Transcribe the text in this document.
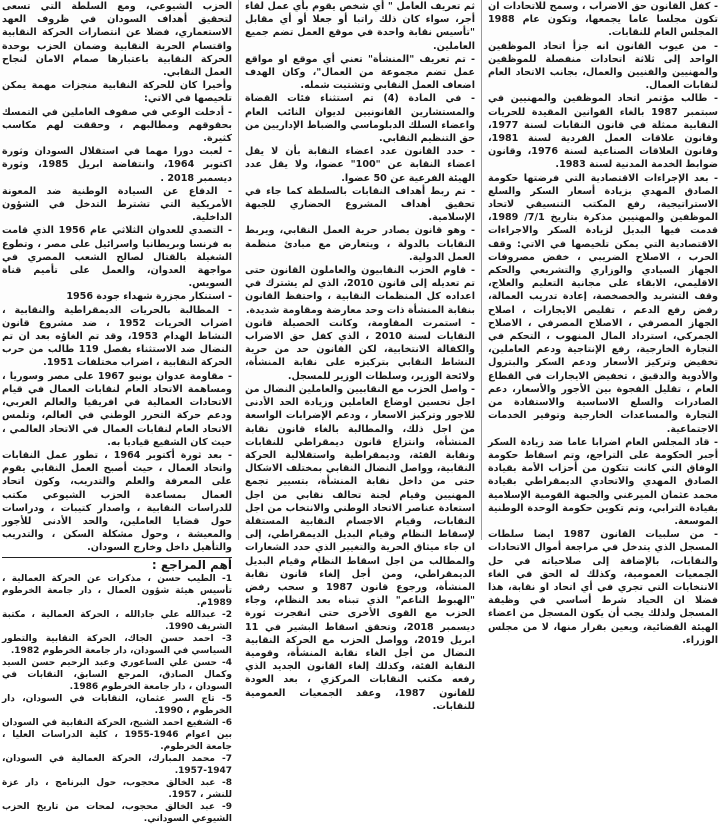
- كفل القانون حق الاضراب ، وسمح للاتحادات ان تكون مجلسا عاما يجمعها، وتكون عام 1988 المجلس العام للنقابات.

- من عيوب القانون انه جزأ اتحاد الموظفين الواحد إلى ثلاثة اتحادات منفصلة للموظفين والمهنيين والفنيين والعمال، بجانب الاتحاد العام لنقابات العمال.

- طالب مؤتمر اتحاد الموظفين والمهنيين في سبتمبر 1987 بالغاء القوانين المقيدة للحريات النقابية ممثلة في قانون النقابات لسنة 1977، وقانون علاقات العمل الفردية لسنة 1981، وقانون العلاقات الصناعية لسنة 1976، وقانون ضوابط الخدمة المدنية لسنة 1983.

- بعد الإجراءات الاقتصادية التي فرضتها حكومة الصادق المهدي بزيادة أسعار السكر والسلع الاستراتيجية، رفع المكتب التنسيقي لاتحاد الموظفين والمهنيين مذكرة بتاريخ 7/1/ 1989، قدمت فيها البديل لزيادة السكر والاجراءات الاقتصادية التي يمكن تلخيصها في الاتي: وقف الحرب ، الاصلاح الضريبي ، خفض مصروفات الجهاز السيادي والوزاري والتشريعي والحكم الاقليمي، الابقاء على مجانية التعليم والعلاج، وقف التشريد والخصخصة، إعادة تدريب العمالة، رفض رفع الدعم ، تقليص الايجارات ، اصلاح الجهاز المصرفي ، الاصلاح المصرفي ، الاصلاح الجمركي، استرداد المال المنهوب ، التحكم في التجارة الخارجية، رفع الإنتاجية ودعم العاملين، تخفيض وتركيز الأسعار ودعم السكر والبترول والأدوية والدقيق ، تخفيض الايجارات في القطاع العام ، تقليل الفجوة بين الأجور والأسعار، دعم الصادرات والسلع الاساسية والاستفادة من التجارة والمساعدات الخارجية وتوفير الخدمات الاجتماعية.

- قاد المجلس العام اضرابا عاما ضد زيادة السكر أجبر الحكومة على التراجع، وتم اسقاط حكومة الوفاق التي كانت تتكون من أحزاب الأمة بقيادة الصادق المهدي والاتحادي الديمقراطي بقيادة محمد عثمان الميرغني والجبهة القومية الإسلامية بقيادة الترابي، وتم تكوين حكومة الوحدة الوطنية الموسعة.

- من سلبيات القانون 1987 ايضا سلطات المسجل الذي يتدخل في مراجعة أموال الاتحادات والنقابات، بالإضافة إلى صلاحياته في حل الجمعيات العمومية، وكذلك له الحق في الغاء الانتخابات التي تجري في أي اتحاد او نقابة، هذا فضلا ان الحياد شرط أساسي في وظيفة المسجل ولذلك يجب أن يكون المسجل من اعضاء الهيئة القضائية، ويعين بقرار منها، لا من مجلس الوزراء.

ثم تعريف العامل " أي شخص يقوم بأي عمل لقاء أجر، سواء كان ذلك راتبا أو جعلا أو أي مقابل "تأسيس نقابة واحدة في موقع العمل تضم جميع العاملين.

- تم تعريف "المنشأة" تعني أي موقع او مواقع عمل تضم مجموعة من العمال"، وكان الهدف اضعاف العمل النقابي وتشتيت شمله.

- في المادة (4) تم استثناء فئات القضاة والمستشارين القانونيين لديوان النائب العام واعضاء السلك الدبلوماسي والضباط الإداريين من حق التنظيم النقابي.

- حدد القانون عدد اعضاء النقابة بأن لا يقل اعضاء النقابة عن "100" عضوا، ولا يقل عدد الهيئة الفرعية عن 50 عضوا.

- تم ربط أهداف النقابات بالسلطة كما جاء في تحقيق أهداف المشروع الحضاري للجبهة الإسلامية.

- وهو قانون يصادر حرية العمل النقابي، ويربط النقابات بالدولة ، ويتعارض مع مبادئ منظمة العمل الدولية.

- قاوم الحزب النقابيون والعاملون القانون حتى تم تعديله إلى قانون 2010، الذي لم يشترك في اعداده كل المنظمات النقابية ، واحتفظ القانون بنقابة المنشأة ذات وحد معارضة ومقاومة شديدة.

- استمرت المقاومة، وكانت الحصيلة قانون النقابات لسنة 2010 ، الذي كفل حق الاضراب والكفالة الانتخابية، لكن القانون حد من حرية النشاط النقابي بتركيزه على نقابة المنشأة، ولائحة الوزير، وسلطات الوزير للمسجل.

- واصل الحزب مع النقابيين والعاملين النضال من اجل تحسين اوضاع العاملين وزيادة الحد الأدنى للاجور وتركيز الاسعار ، ودعم الإضرابات الواسعة من اجل ذلك، والمطالبة بالغاء قانون نقابة المنشأة، وانتزاع قانون ديمقراطي للنقابات ونقابة الفئة، وديمقراطية واستقلالية الحركة النقابية، وواصل النضال النقابي بمختلف الاشكال حتى من داخل نقابة المنشأة، بتسيير تجمع المهنيين وقيام لجنة تحالف نقابي من اجل استعادة عناصر الاتحاد الوطني والانتخاب من اجل النقابات، وقيام الاجسام النقابية المستقلة لإسقاط النظام وقيام البديل الديمقراطي، إلى ان جاء ميثاق الحرية والتغيير الذي حدد الشعارات والمطالب من اجل اسقاط النظام وقيام البديل الديمقراطي، ومن أجل إلغاء قانون نقابة المنشأة، ورجوع قانون 1987 و سحب رفض "الهبوط الناعم" الذي تبناه بعد النظام، وجاء الحزب مع القوى الأخرى حتى انفجرت ثورة ديسمبر 2018، وتحقق اسقاط البشير في 11 ابريل 2019، وواصل الحزب مع الحركة النقابية النضال من أجل الغاء نقابة المنشأة، وقومية النقابة الفئة، وكذلك إلغاء القانون الجديد الذي رفعه مكتب النقابات المركزي ، بعد العودة للقانون 1987، وعقد الجمعيات العمومية للنقابات.

الحزب الشيوعي، ومع السلطة التي تسعى لتحقيق أهداف السودان في ظروف العهد الاستعماري، فضلا عن انتصارات الحركة النقابية واقتسام الحرية النقابية وضمان الحزب بوحدة الحركة النقابية باعتبارها صمام الامان لنجاح العمل النقابي.

وأخيرا كان للحركة النقابية منجزات مهمة يمكن تلخيصها في الاتي:

- أدخلت الوعي في صفوف العاملين في التمسك بحقوقهم ومطالبهم ، وحققت لهم مكاسب كثيرة.

- لعبت دورا مهما في استقلال السودان وثورة اكتوبر 1964، وانتفاضة ابريل 1985، وثورة ديسمبر 2018 .

- الدفاع عن السيادة الوطنية ضد المعونة الأمريكية التي تشترط التدخل في الشؤون الداخلية.

- التصدي للعدوان الثلاثي عام 1956 الذي قامت به فرنسا وبريطانيا واسرائيل على مصر ، وتطوع الشغيلة بالقتال لصالح الشعب المصري في مواجهة العدوان، والعمل على تأميم قناة السويس.

- استنكار مجزرة شهداء جودة 1956

- المطالبة بالحريات الديمقراطية والنقابية ، اضراب الحريات 1952 ، ضد مشروع قانون النشاط الهدام 1953، وقد تم الغاؤه بعد ان تم النضال ضد الاستثناء بفصل 119 طالب من حرب الحركة النقابية ، اضراب مختلفات 1951.

- مقاومة عدوان يونيو 1967 على مصر وسوريا ، ومساهمة الاتحاد العام لنقابات العمال في قيام الاتحادات العمالية في افريقيا والعالم العربي، ودعم حركة التحرر الوطني في العالم، وتلمس الاتحاد العام لنقابات العمال في الاتحاد العالمي ، حيث كان الشفيع قياديا به.

- بعد ثورة أكتوبر 1964 ، تطور عمل النقابات واتحاد العمال ، حيث أصبح العمل النقابي يقوم على المعرفة والعلم والتدريب، وكون اتحاد العمال بمساعدة الحزب الشيوعي مكتب للدراسات النقابية ، واصدار كتيبات ، ودراسات حول قضايا العاملين، والحد الأدنى للأجور والمعيشة ، وحول مشكلة السكن ، والتدريب والتأهيل داخل وخارج السودان.

أهم المراجع :
1- الطيب حسن ، مذكرات عن الحركة العمالية ، تأسيس هيئة شؤون العمال ، دار جامعة الخرطوم 1989م.
2- عبدالله علي جادالله ، الحركة العمالية ، مكتبة الشريف 1990.
3- احمد حسن الجاك، الحركة النقابية والتطور السياسي في السودان، دار جامعة الخرطوم 1982.
4- حسن علي الساعوري وعبد الرحيم حسن السيد وكمال الصادق، المرجع السابق، النقابات في السودان ، دار جامعة الخرطوم 1986.
5- تاج السر عثمان، النقابات في السودان، دار الخرطوم ، 1990.
6- الشفيع احمد الشيخ، الحركة النقابية في السودان بين اعوام 1946-1955 ، كلية الدراسات العليا ، جامعة الخرطوم.
7- محمد المبارك، الحركة العمالية في السودان، 1947-1957.
8- عبد الخالق محجوب، حول البرنامج ، دار عزة للنشر ، 1957.
9- عبد الخالق محجوب، لمحات من تاريخ الحزب الشيوعي السوداني.
